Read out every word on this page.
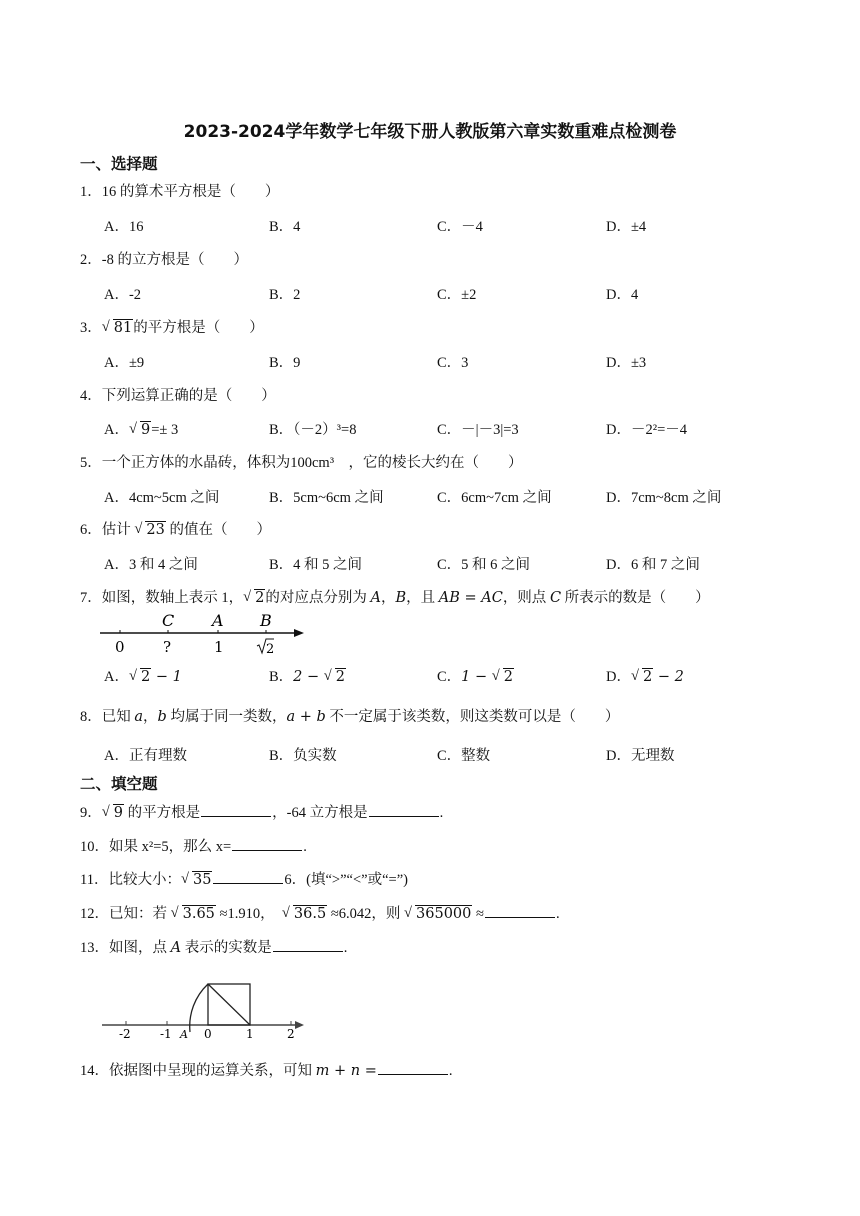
2023-2024学年数学七年级下册人教版第六章实数重难点检测卷
一、选择题
1．16 的算术平方根是（　　）
A．16	B．4	C．－4	D．±4
2．-8 的立方根是（　　）
A．-2	B．2	C．±2	D．4
3． √ 81的平方根是（　　）
A．±9	B．9	C．3	D．±3
4．下列运算正确的是（　　）
A． √ 9=± 3	B．（－2）³=8	C．－|－3|=3	D．－2²=－4
5．一个正方体的水晶砖，体积为100cm³　，它的棱长大约在（　　）
A．4cm~5cm 之间	B．5cm~6cm 之间	C．6cm~7cm 之间	D．7cm~8cm 之间
6．估计 √ 23 的值在（　　）
A．3 和 4 之间	B．4 和 5 之间	C．5 和 6 之间	D．6 和 7 之间
7．如图，数轴上表示 1， √ 2的对应点分别为 A，B，且 AB = AC，则点 C 所表示的数是（　　）
C A B
0	?	1	2
A． √ 2 − 1	B．2 − √ 2	C．1 − √ 2	D． √ 2 − 2
8．已知 a，b 均属于同一类数，a + b 不一定属于该类数，则这类数可以是（　　）
A．正有理数	B．负实数	C．整数	D．无理数
二、填空题
9． √ 9 的平方根是	，-64 立方根是	.
10．如果 x²=5，那么 x=	.
11．比较大小： √ 35	6．(填“>”“<”或“=”)
12．已知：若 √ 3.65 ≈1.910，　√ 36.5 ≈6.042，则 √ 365000 ≈	.
13．如图，点 A 表示的实数是	.
-2 -1 A 0	1	2
14．依据图中呈现的运算关系，可知 m + n =	.
